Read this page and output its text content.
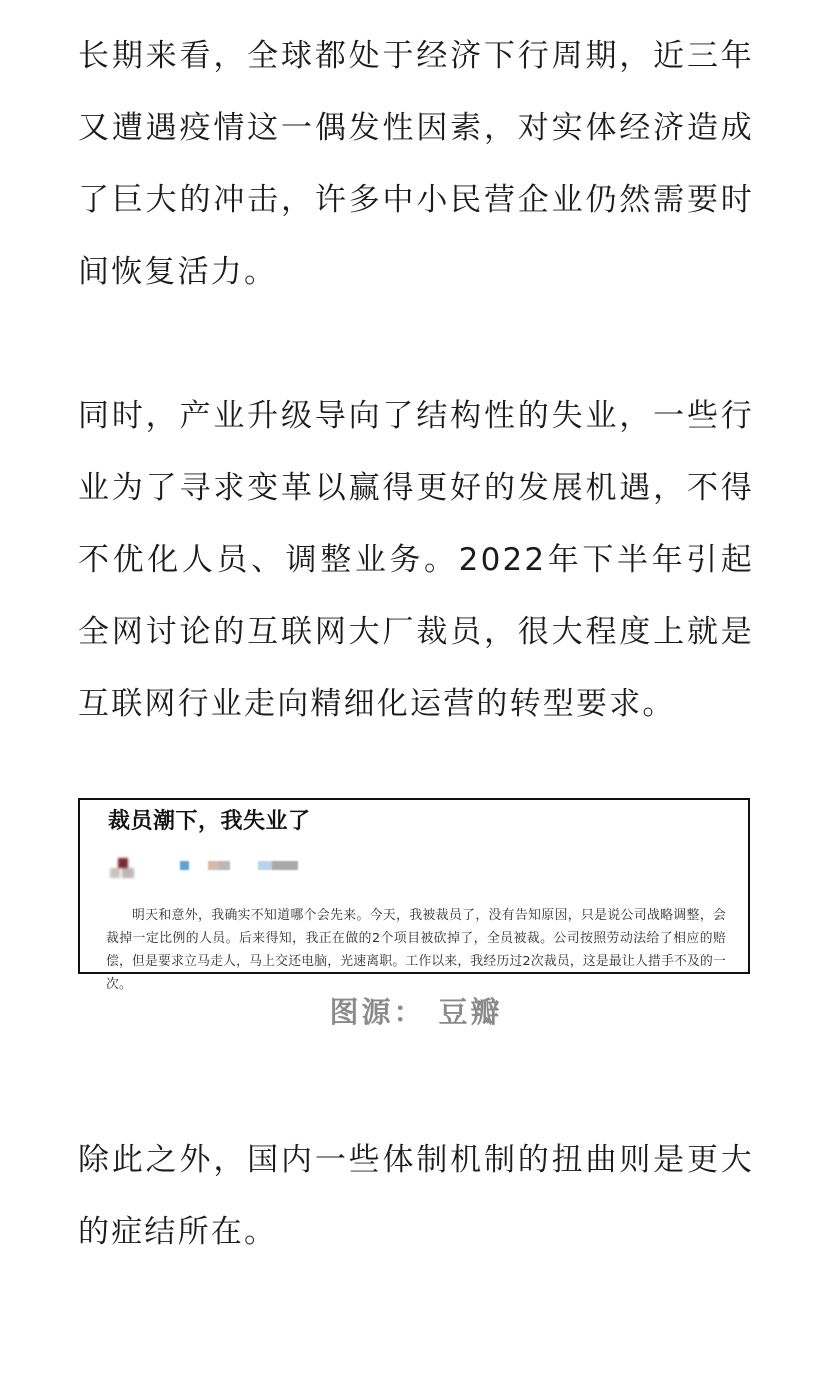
长期来看，全球都处于经济下行周期，近三年又遭遇疫情这一偶发性因素，对实体经济造成了巨大的冲击，许多中小民营企业仍然需要时间恢复活力。

同时，产业升级导向了结构性的失业，一些行业为了寻求变革以赢得更好的发展机遇，不得不优化人员、调整业务。2022年下半年引起全网讨论的互联网大厂裁员，很大程度上就是互联网行业走向精细化运营的转型要求。

裁员潮下，我失业了
明天和意外，我确实不知道哪个会先来。今天，我被裁员了，没有告知原因，只是说公司战略调整，会裁掉一定比例的人员。后来得知，我正在做的2个项目被砍掉了，全员被裁。公司按照劳动法给了相应的赔偿，但是要求立马走人，马上交还电脑，光速离职。工作以来，我经历过2次裁员，这是最让人措手不及的一次。

图源： 豆瓣

除此之外，国内一些体制机制的扭曲则是更大的症结所在。
